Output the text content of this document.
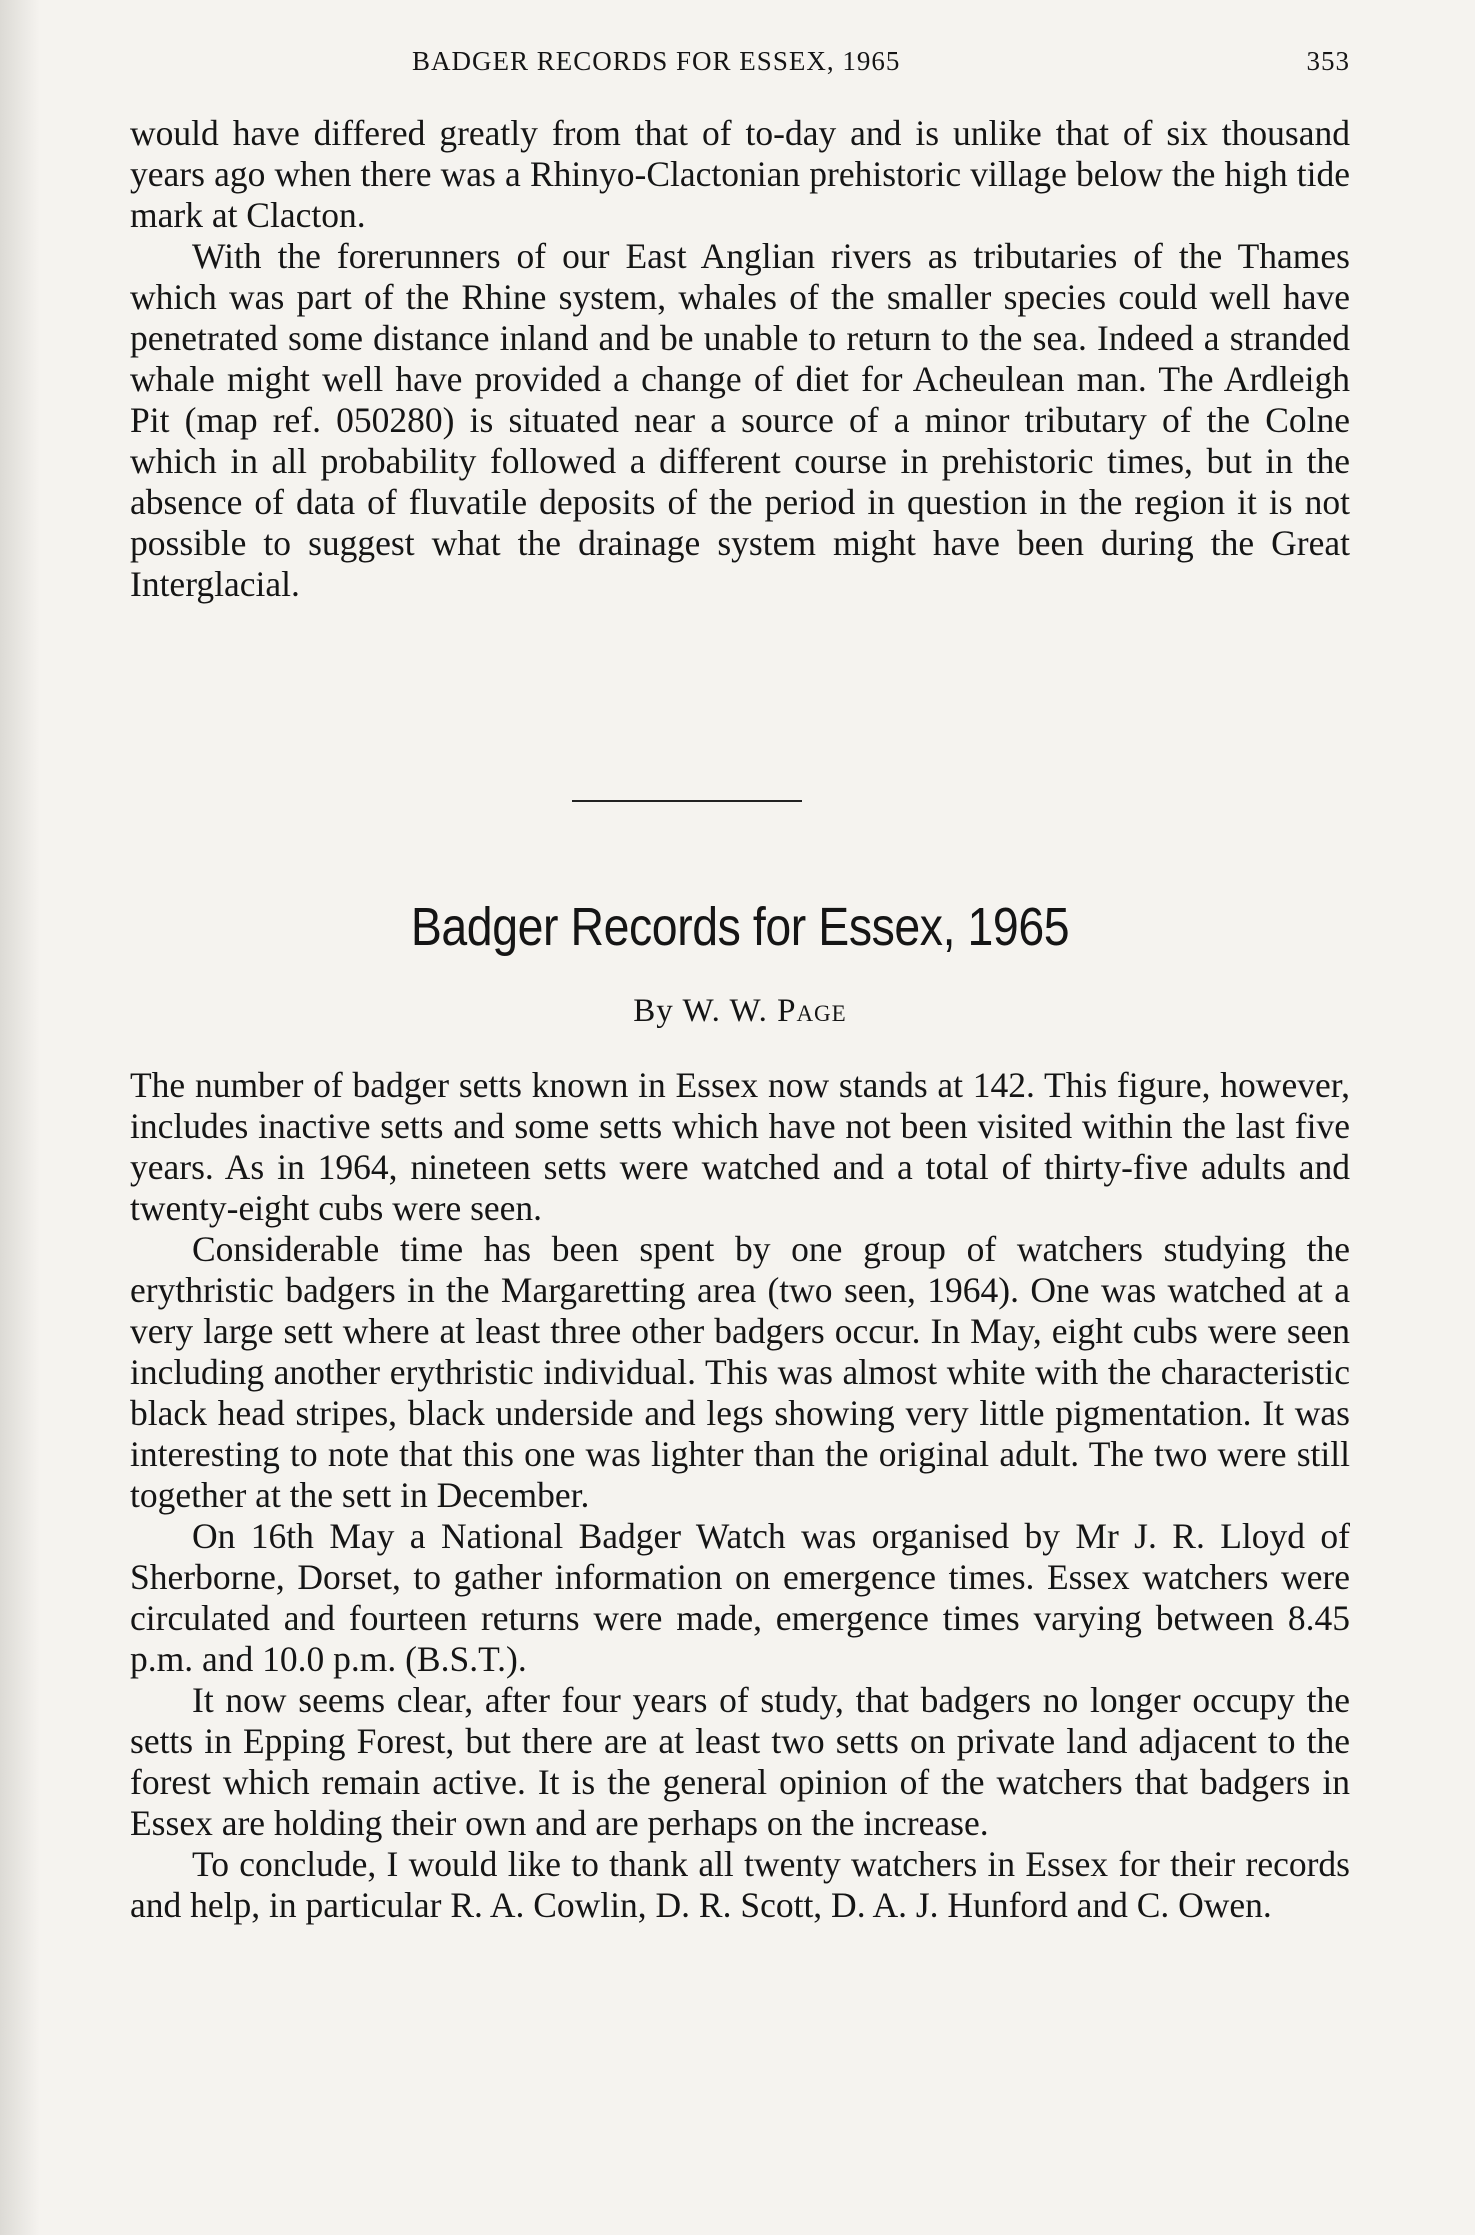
BADGER RECORDS FOR ESSEX, 1965	353

would have differed greatly from that of to-day and is unlike that of six thousand years ago when there was a Rhinyo-Clactonian prehistoric village below the high tide mark at Clacton.

With the forerunners of our East Anglian rivers as tributaries of the Thames which was part of the Rhine system, whales of the smaller species could well have penetrated some distance inland and be unable to return to the sea. Indeed a stranded whale might well have provided a change of diet for Acheulean man. The Ardleigh Pit (map ref. 050280) is situated near a source of a minor tributary of the Colne which in all probability followed a different course in prehistoric times, but in the absence of data of fluvatile deposits of the period in question in the region it is not possible to suggest what the drainage system might have been during the Great Interglacial.

Badger Records for Essex, 1965
By W. W. Page

The number of badger setts known in Essex now stands at 142. This figure, however, includes inactive setts and some setts which have not been visited within the last five years. As in 1964, nineteen setts were watched and a total of thirty-five adults and twenty-eight cubs were seen.

Considerable time has been spent by one group of watchers studying the erythristic badgers in the Margaretting area (two seen, 1964). One was watched at a very large sett where at least three other badgers occur. In May, eight cubs were seen including another erythristic individual. This was almost white with the characteristic black head stripes, black underside and legs showing very little pigmentation. It was interesting to note that this one was lighter than the original adult. The two were still together at the sett in December.

On 16th May a National Badger Watch was organised by Mr J. R. Lloyd of Sherborne, Dorset, to gather information on emergence times. Essex watchers were circulated and fourteen returns were made, emergence times varying between 8.45 p.m. and 10.0 p.m. (B.S.T.).

It now seems clear, after four years of study, that badgers no longer occupy the setts in Epping Forest, but there are at least two setts on private land adjacent to the forest which remain active. It is the general opinion of the watchers that badgers in Essex are holding their own and are perhaps on the increase.

To conclude, I would like to thank all twenty watchers in Essex for their records and help, in particular R. A. Cowlin, D. R. Scott, D. A. J. Hunford and C. Owen.
